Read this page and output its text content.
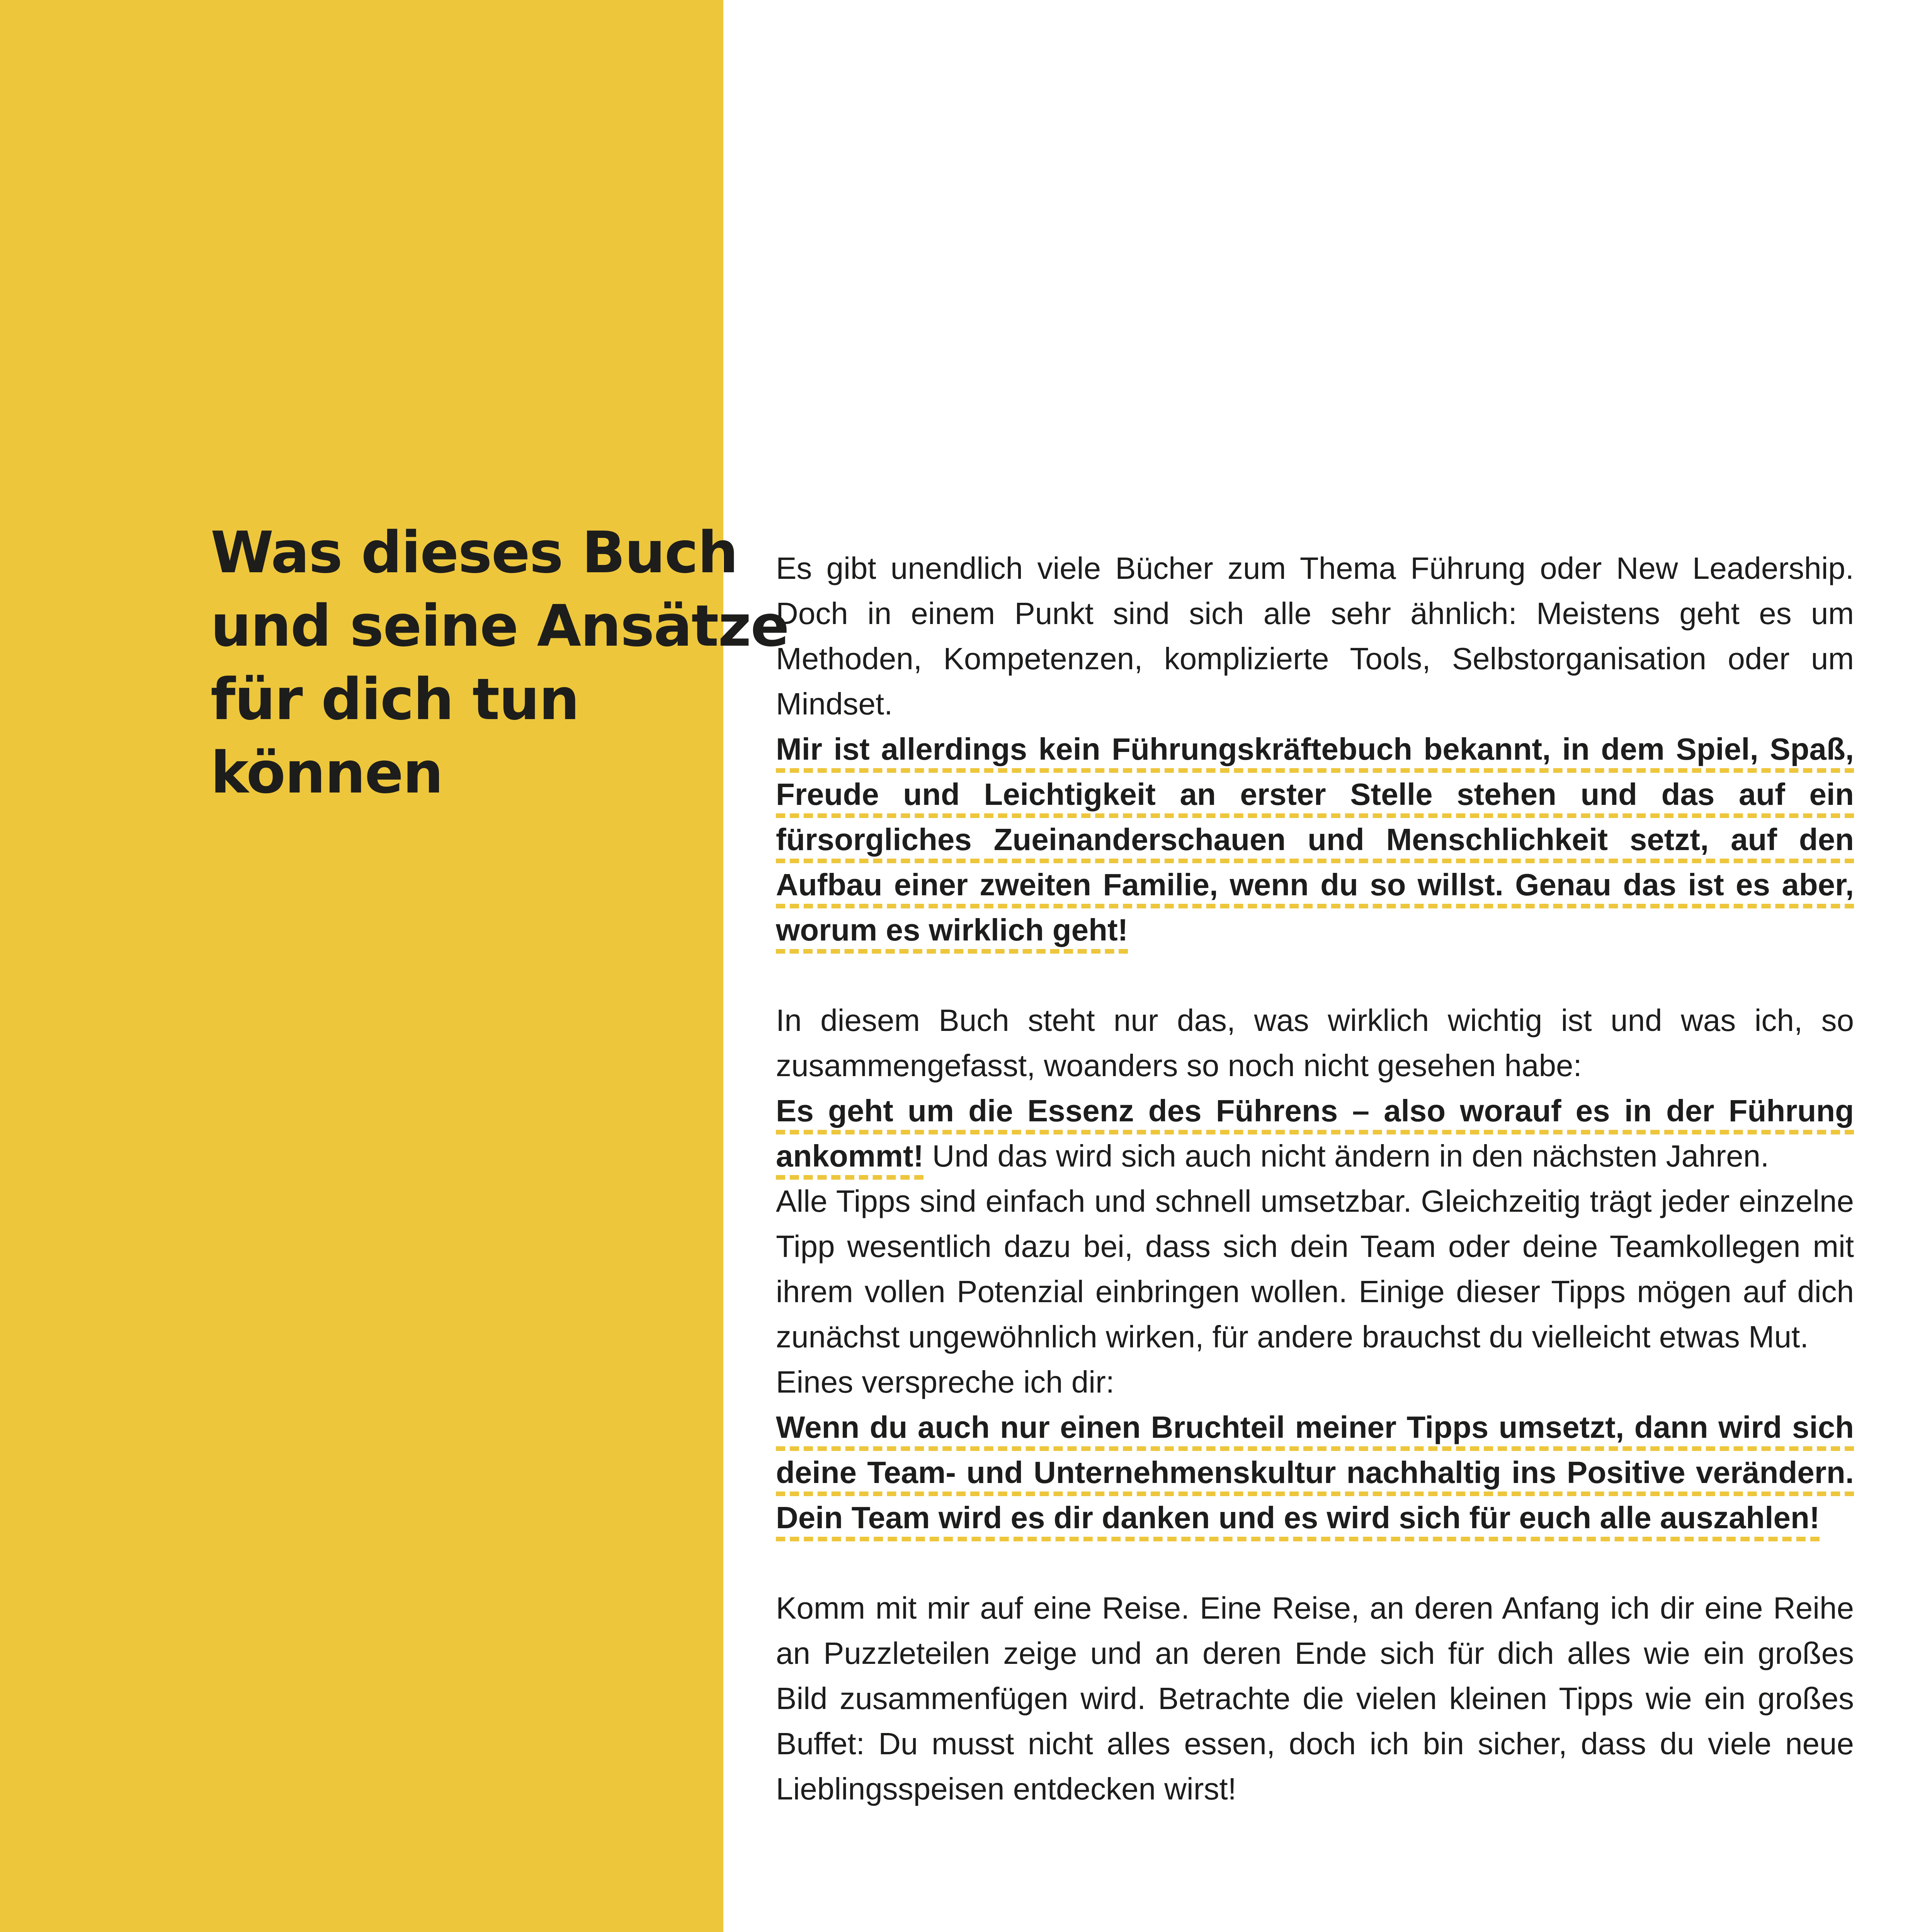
Was dieses Buch
und seine Ansätze
für dich tun
können

Es gibt unendlich viele Bücher zum Thema Führung oder New Leadership. Doch in einem Punkt sind sich alle sehr ähnlich: Meistens geht es um Methoden, Kompetenzen, komplizierte Tools, Selbstorganisation oder um Mindset.

Mir ist allerdings kein Führungskräftebuch bekannt, in dem Spiel, Spaß, Freude und Leichtigkeit an erster Stelle stehen und das auf ein fürsorgliches Zueinanderschauen und Menschlichkeit setzt, auf den Aufbau einer zweiten Familie, wenn du so willst. Genau das ist es aber, worum es wirklich geht!

In diesem Buch steht nur das, was wirklich wichtig ist und was ich, so zusammengefasst, woanders so noch nicht gesehen habe:

Es geht um die Essenz des Führens – also worauf es in der Führung ankommt! Und das wird sich auch nicht ändern in den nächsten Jahren.

Alle Tipps sind einfach und schnell umsetzbar. Gleichzeitig trägt jeder einzelne Tipp wesentlich dazu bei, dass sich dein Team oder deine Teamkollegen mit ihrem vollen Potenzial einbringen wollen. Einige dieser Tipps mögen auf dich zunächst ungewöhnlich wirken, für andere brauchst du vielleicht etwas Mut.

Eines verspreche ich dir:

Wenn du auch nur einen Bruchteil meiner Tipps umsetzt, dann wird sich deine Team- und Unternehmenskultur nachhaltig ins Positive verändern. Dein Team wird es dir danken und es wird sich für euch alle auszahlen!

Komm mit mir auf eine Reise. Eine Reise, an deren Anfang ich dir eine Reihe an Puzzleteilen zeige und an deren Ende sich für dich alles wie ein großes Bild zusammenfügen wird. Betrachte die vielen kleinen Tipps wie ein großes Buffet: Du musst nicht alles essen, doch ich bin sicher, dass du viele neue Lieblingsspeisen entdecken wirst!
